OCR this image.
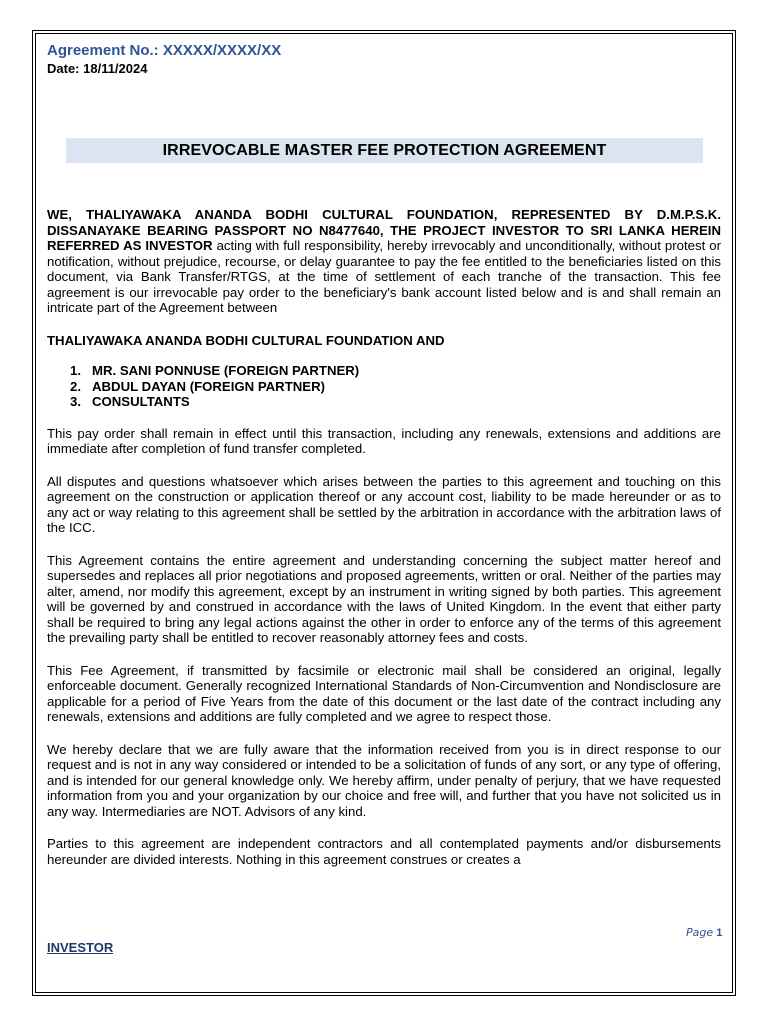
Agreement No.: XXXXX/XXXX/XX
Date: 18/11/2024
IRREVOCABLE MASTER FEE PROTECTION AGREEMENT

WE, THALIYAWAKA ANANDA BODHI CULTURAL FOUNDATION, REPRESENTED BY D.M.P.S.K. DISSANAYAKE BEARING PASSPORT NO N8477640, THE PROJECT INVESTOR TO SRI LANKA HEREIN REFERRED AS INVESTOR acting with full responsibility, hereby irrevocably and unconditionally, without protest or notification, without prejudice, recourse, or delay guarantee to pay the fee entitled to the beneficiaries listed on this document, via Bank Transfer/RTGS, at the time of settlement of each tranche of the transaction. This fee agreement is our irrevocable pay order to the beneficiary's bank account listed below and is and shall remain an intricate part of the Agreement between

THALIYAWAKA ANANDA BODHI CULTURAL FOUNDATION AND

1. MR. SANI PONNUSE (FOREIGN PARTNER)
2. ABDUL DAYAN (FOREIGN PARTNER)
3. CONSULTANTS

This pay order shall remain in effect until this transaction, including any renewals, extensions and additions are immediate after completion of fund transfer completed.

All disputes and questions whatsoever which arises between the parties to this agreement and touching on this agreement on the construction or application thereof or any account cost, liability to be made hereunder or as to any act or way relating to this agreement shall be settled by the arbitration in accordance with the arbitration laws of the ICC.

This Agreement contains the entire agreement and understanding concerning the subject matter hereof and supersedes and replaces all prior negotiations and proposed agreements, written or oral. Neither of the parties may alter, amend, nor modify this agreement, except by an instrument in writing signed by both parties. This agreement will be governed by and construed in accordance with the laws of United Kingdom. In the event that either party shall be required to bring any legal actions against the other in order to enforce any of the terms of this agreement the prevailing party shall be entitled to recover reasonably attorney fees and costs.

This Fee Agreement, if transmitted by facsimile or electronic mail shall be considered an original, legally enforceable document. Generally recognized International Standards of Non-Circumvention and Nondisclosure are applicable for a period of Five Years from the date of this document or the last date of the contract including any renewals, extensions and additions are fully completed and we agree to respect those.

We hereby declare that we are fully aware that the information received from you is in direct response to our request and is not in any way considered or intended to be a solicitation of funds of any sort, or any type of offering, and is intended for our general knowledge only. We hereby affirm, under penalty of perjury, that we have requested information from you and your organization by our choice and free will, and further that you have not solicited us in any way. Intermediaries are NOT. Advisors of any kind.

Parties to this agreement are independent contractors and all contemplated payments and/or disbursements hereunder are divided interests. Nothing in this agreement construes or creates a

Page 1
INVESTOR
